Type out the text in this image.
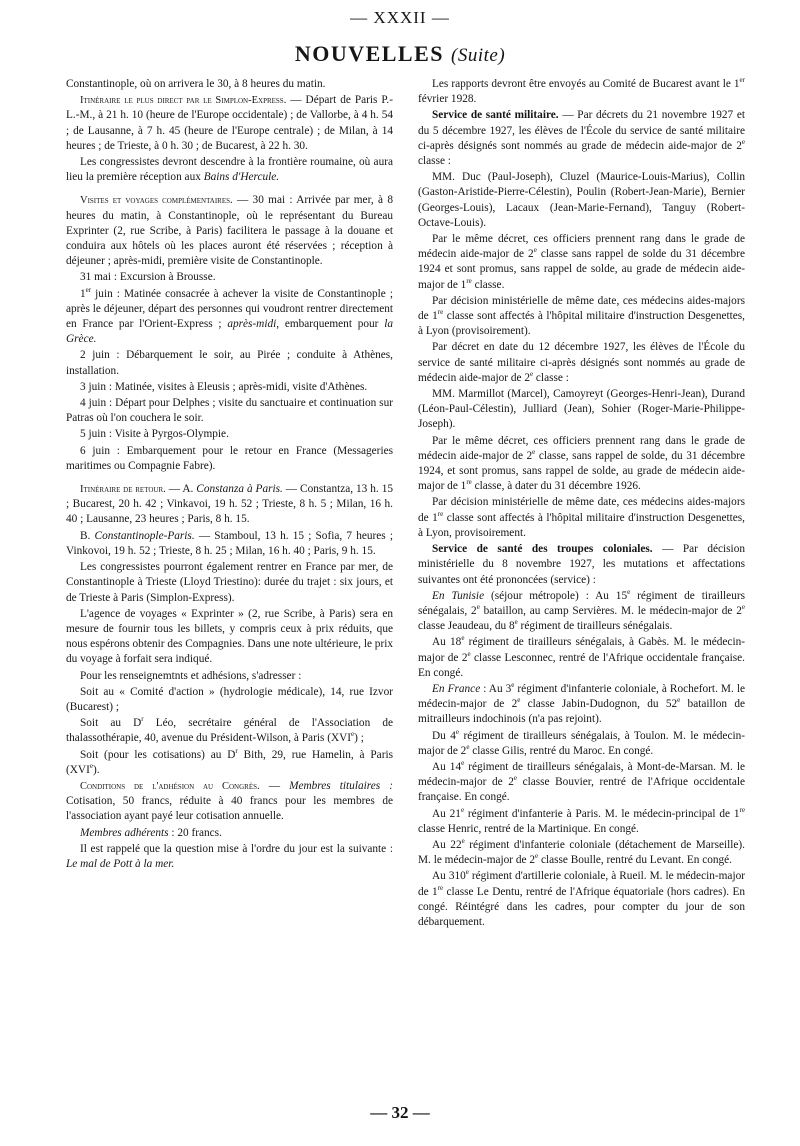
— XXXII —
NOUVELLES (Suite)

Constantinople, où on arrivera le 30, à 8 heures du matin.

Itinéraire le plus direct par le Simplon-Express. — Départ de Paris P.-L.-M., à 21 h. 10 (heure de l'Europe occidentale) ; de Vallorbe, à 4 h. 54 ; de Lausanne, à 7 h. 45 (heure de l'Europe centrale) ; de Milan, à 14 heures ; de Trieste, à 0 h. 30 ; de Bucarest, à 22 h. 30.

Les congressistes devront descendre à la frontière roumaine, où aura lieu la première réception aux Bains d'Hercule.

Visites et voyages complémentaires. — 30 mai : Arrivée par mer, à 8 heures du matin, à Constantinople, où le représentant du Bureau Exprinter (2, rue Scribe, à Paris) facilitera le passage à la douane et conduira aux hôtels où les places auront été réservées ; réception à déjeuner ; après-midi, première visite de Constantinople.

31 mai : Excursion à Brousse.

1er juin : Matinée consacrée à achever la visite de Constantinople ; après le déjeuner, départ des personnes qui voudront rentrer directement en France par l'Orient-Express ; après-midi, embarquement pour la Grèce.

2 juin : Débarquement le soir, au Pirée ; conduite à Athènes, installation.

3 juin : Matinée, visites à Eleusis ; après-midi, visite d'Athènes.

4 juin : Départ pour Delphes ; visite du sanctuaire et continuation sur Patras où l'on couchera le soir.

5 juin : Visite à Pyrgos-Olympie.

6 juin : Embarquement pour le retour en France (Messageries maritimes ou Compagnie Fabre).

Itinéraire de retour. — A. Constanza à Paris. — Constantza, 13 h. 15 ; Bucarest, 20 h. 42 ; Vinkavoi, 19 h. 52 ; Trieste, 8 h. 5 ; Milan, 16 h. 40 ; Lausanne, 23 heures ; Paris, 8 h. 15.

B. Constantinople-Paris. — Stamboul, 13 h. 15 ; Sofia, 7 heures ; Vinkovoi, 19 h. 52 ; Trieste, 8 h. 25 ; Milan, 16 h. 40 ; Paris, 9 h. 15.

Les congressistes pourront également rentrer en France par mer, de Constantinople à Trieste (Lloyd Triestino): durée du trajet : six jours, et de Trieste à Paris (Simplon-Express).

L'agence de voyages « Exprinter » (2, rue Scribe, à Paris) sera en mesure de fournir tous les billets, y compris ceux à prix réduits, que nous espérons obtenir des Compagnies. Dans une note ultérieure, le prix du voyage à forfait sera indiqué.

Pour les renseignemtnts et adhésions, s'adresser :

Soit au « Comité d'action » (hydrologie médicale), 14, rue Izvor (Bucarest) ;

Soit au $D^r$ Léo, secrétaire général de l'Association de thalassothérapie, 40, avenue du Président-Wilson, à Paris (XVIe) ;

Soit (pour les cotisations) au $D^r$ Bith, 29, rue Hamelin, à Paris (XVIe).

Conditions de l'adhésion au Congrès. — Membres titulaires : Cotisation, 50 francs, réduite à 40 francs pour les membres de l'association ayant payé leur cotisation annuelle.

Membres adhérents : 20 francs.

Il est rappelé que la question mise à l'ordre du jour est la suivante : Le mal de Pott à la mer.

Les rapports devront être envoyés au Comité de Bucarest avant le 1er février 1928.

Service de santé militaire. — Par décrets du 21 novembre 1927 et du 5 décembre 1927, les élèves de l'École du service de santé militaire ci-après désignés sont nommés au grade de médecin aide-major de 2e classe :

MM. Duc (Paul-Joseph), Cluzel (Maurice-Louis-Marius), Collin (Gaston-Aristide-Pierre-Célestin), Poulin (Robert-Jean-Marie), Bernier (Georges-Louis), Lacaux (Jean-Marie-Fernand), Tanguy (Robert-Octave-Louis).

Par le même décret, ces officiers prennent rang dans le grade de médecin aide-major de 2e classe sans rappel de solde du 31 décembre 1924 et sont promus, sans rappel de solde, au grade de médecin aide-major de 1re classe.

Par décision ministérielle de même date, ces médecins aides-majors de 1re classe sont affectés à l'hôpital militaire d'instruction Desgenettes, à Lyon (provisoirement).

Par décret en date du 12 décembre 1927, les élèves de l'École du service de santé militaire ci-après désignés sont nommés au grade de médecin aide-major de 2e classe :

MM. Marmillot (Marcel), Camoyreyt (Georges-Henri-Jean), Durand (Léon-Paul-Célestin), Julliard (Jean), Sohier (Roger-Marie-Philippe-Joseph).

Par le même décret, ces officiers prennent rang dans le grade de médecin aide-major de 2e classe, sans rappel de solde, du 31 décembre 1924, et sont promus, sans rappel de solde, au grade de médecin aide-major de 1re classe, à dater du 31 décembre 1926.

Par décision ministérielle de même date, ces médecins aides-majors de 1re classe sont affectés à l'hôpital militaire d'instruction Desgenettes, à Lyon, provisoirement.

Service de santé des troupes coloniales. — Par décision ministérielle du 8 novembre 1927, les mutations et affectations suivantes ont été prononcées (service) :

En Tunisie (séjour métropole) : Au 15e régiment de tirailleurs sénégalais, 2e bataillon, au camp Servières. M. le médecin-major de 2e classe Jeaudeau, du 8e régiment de tirailleurs sénégalais.

Au 18e régiment de tirailleurs sénégalais, à Gabès. M. le médecin-major de 2e classe Lesconnec, rentré de l'Afrique occidentale française. En congé.

En France : Au 3e régiment d'infanterie coloniale, à Rochefort. M. le médecin-major de 2e classe Jabin-Dudognon, du 52e bataillon de mitrailleurs indochinois (n'a pas rejoint).

Du 4e régiment de tirailleurs sénégalais, à Toulon. M. le médecin-major de 2e classe Gilis, rentré du Maroc. En congé.

Au 14e régiment de tirailleurs sénégalais, à Mont-de-Marsan. M. le médecin-major de 2e classe Bouvier, rentré de l'Afrique occidentale française. En congé.

Au 21e régiment d'infanterie à Paris. M. le médecin-principal de 1re classe Henric, rentré de la Martinique. En congé.

Au 22e régiment d'infanterie coloniale (détachement de Marseille). M. le médecin-major de 2e classe Boulle, rentré du Levant. En congé.

Au 310e régiment d'artillerie coloniale, à Rueil. M. le médecin-major de 1re classe Le Dentu, rentré de l'Afrique équatoriale (hors cadres). En congé. Réintégré dans les cadres, pour compter du jour de son débarquement.

— 32 —
